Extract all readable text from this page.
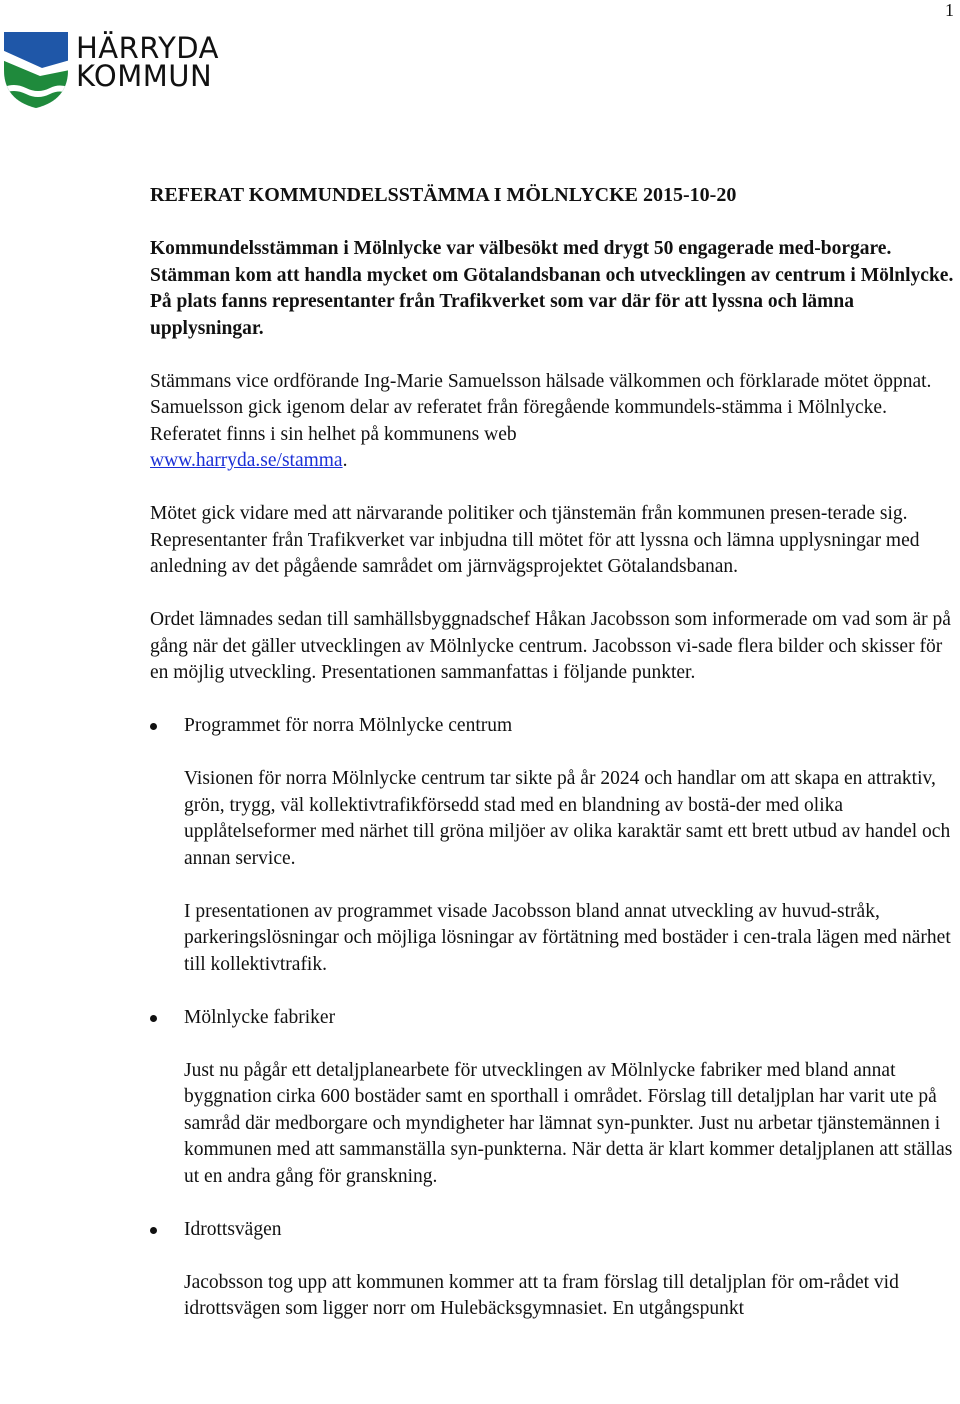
1
HÄRRYDA
KOMMUN
REFERAT KOMMUNDELSSTÄMMA I MÖLNLYCKE 2015-10-20

Kommundelsstämman i Mölnlycke var välbesökt med drygt 50 engagerade med-borgare. Stämman kom att handla mycket om Götalandsbanan och utvecklingen av centrum i Mölnlycke. På plats fanns representanter från Trafikverket som var där för att lyssna och lämna upplysningar.

Stämmans vice ordförande Ing-Marie Samuelsson hälsade välkommen och förklarade mötet öppnat. Samuelsson gick igenom delar av referatet från föregående kommundels-stämma i Mölnlycke. Referatet finns i sin helhet på kommunens web
www.harryda.se/stamma.

Mötet gick vidare med att närvarande politiker och tjänstemän från kommunen presen-terade sig. Representanter från Trafikverket var inbjudna till mötet för att lyssna och lämna upplysningar med anledning av det pågående samrådet om järnvägsprojektet Götalandsbanan.

Ordet lämnades sedan till samhällsbyggnadschef Håkan Jacobsson som informerade om vad som är på gång när det gäller utvecklingen av Mölnlycke centrum. Jacobsson vi-sade flera bilder och skisser för en möjlig utveckling. Presentationen sammanfattas i följande punkter.

Programmet för norra Mölnlycke centrum

Visionen för norra Mölnlycke centrum tar sikte på år 2024 och handlar om att skapa en attraktiv, grön, trygg, väl kollektivtrafikförsedd stad med en blandning av bostä-der med olika upplåtelseformer med närhet till gröna miljöer av olika karaktär samt ett brett utbud av handel och annan service.

I presentationen av programmet visade Jacobsson bland annat utveckling av huvud-stråk, parkeringslösningar och möjliga lösningar av förtätning med bostäder i cen-trala lägen med närhet till kollektivtrafik.

Mölnlycke fabriker

Just nu pågår ett detaljplanearbete för utvecklingen av Mölnlycke fabriker med bland annat byggnation cirka 600 bostäder samt en sporthall i området. Förslag till detaljplan har varit ute på samråd där medborgare och myndigheter har lämnat syn-punkter. Just nu arbetar tjänstemännen i kommunen med att sammanställa syn-punkterna. När detta är klart kommer detaljplanen att ställas ut en andra gång för granskning.

Idrottsvägen

Jacobsson tog upp att kommunen kommer att ta fram förslag till detaljplan för om-rådet vid idrottsvägen som ligger norr om Hulebäcksgymnasiet. En utgångspunkt
